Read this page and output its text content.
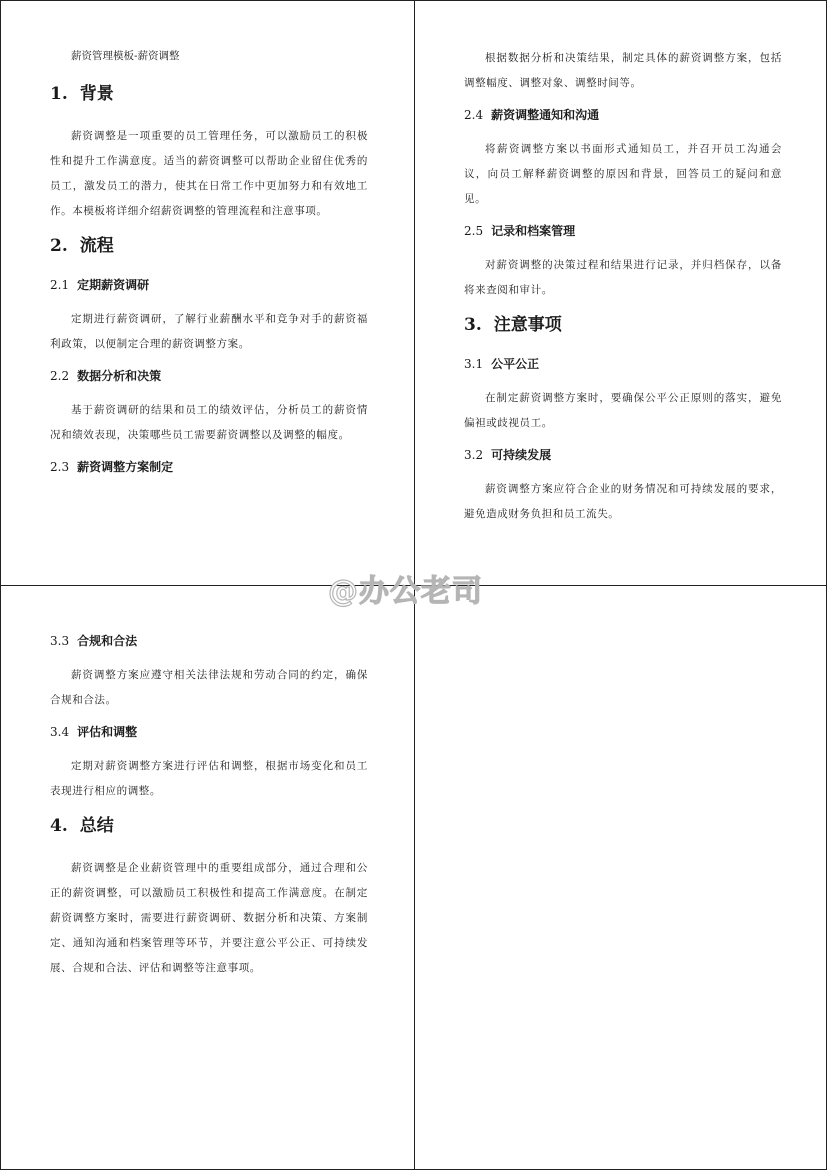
薪资管理模板-薪资调整
1. 背景

薪资调整是一项重要的员工管理任务，可以激励员工的积极性和提升工作满意度。适当的薪资调整可以帮助企业留住优秀的员工，激发员工的潜力，使其在日常工作中更加努力和有效地工作。本模板将详细介绍薪资调整的管理流程和注意事项。

2. 流程
2.1 定期薪资调研

定期进行薪资调研，了解行业薪酬水平和竞争对手的薪资福利政策，以便制定合理的薪资调整方案。

2.2 数据分析和决策

基于薪资调研的结果和员工的绩效评估，分析员工的薪资情况和绩效表现，决策哪些员工需要薪资调整以及调整的幅度。

2.3 薪资调整方案制定

根据数据分析和决策结果，制定具体的薪资调整方案，包括调整幅度、调整对象、调整时间等。

2.4 薪资调整通知和沟通

将薪资调整方案以书面形式通知员工，并召开员工沟通会议，向员工解释薪资调整的原因和背景，回答员工的疑问和意见。

2.5 记录和档案管理

对薪资调整的决策过程和结果进行记录，并归档保存，以备将来查阅和审计。

3. 注意事项
3.1 公平公正

在制定薪资调整方案时，要确保公平公正原则的落实，避免偏袒或歧视员工。

3.2 可持续发展

薪资调整方案应符合企业的财务情况和可持续发展的要求，避免造成财务负担和员工流失。

3.3 合规和合法

薪资调整方案应遵守相关法律法规和劳动合同的约定，确保合规和合法。

3.4 评估和调整

定期对薪资调整方案进行评估和调整，根据市场变化和员工表现进行相应的调整。

4. 总结

薪资调整是企业薪资管理中的重要组成部分，通过合理和公正的薪资调整，可以激励员工积极性和提高工作满意度。在制定薪资调整方案时，需要进行薪资调研、数据分析和决策、方案制定、通知沟通和档案管理等环节，并要注意公平公正、可持续发展、合规和合法、评估和调整等注意事项。

@办公老司
